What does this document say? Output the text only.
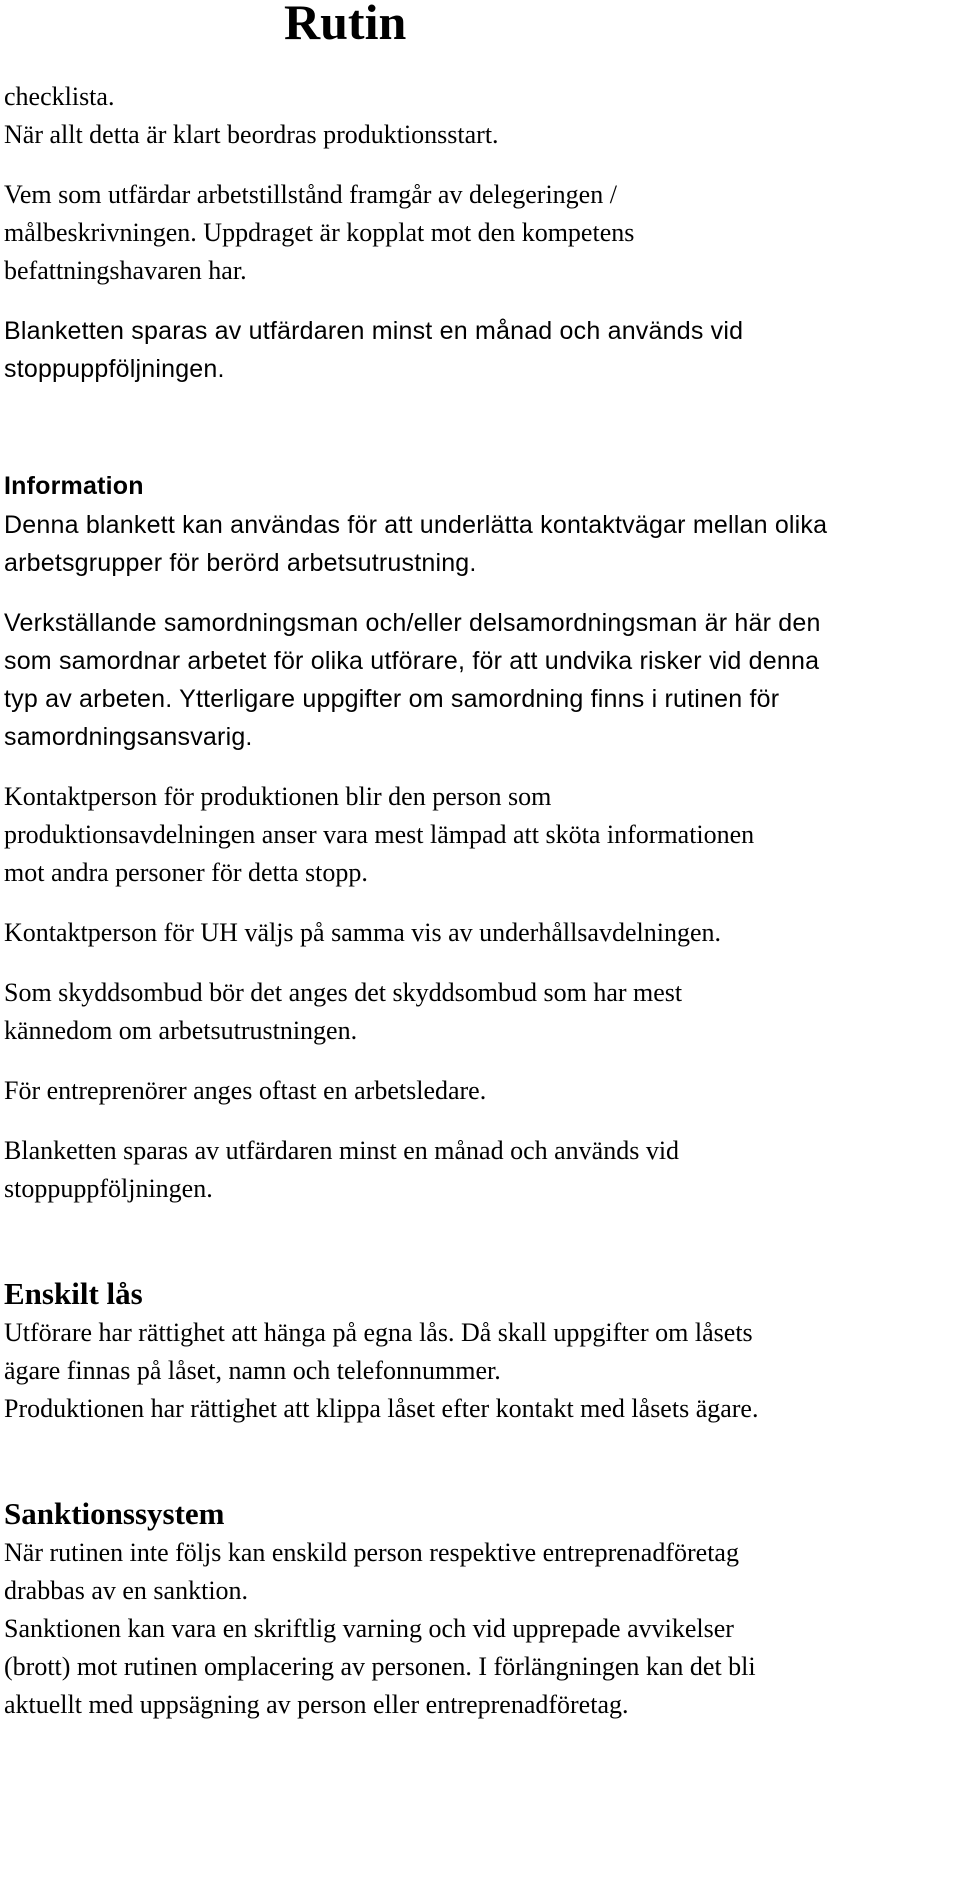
Rutin

checklista.
När allt detta är klart beordras produktionsstart.

Vem som utfärdar arbetstillstånd framgår av delegeringen /
målbeskrivningen. Uppdraget är kopplat mot den kompetens
befattningshavaren har.

Blanketten sparas av utfärdaren minst en månad och används vid
stoppuppföljningen.

Information

Denna blankett kan användas för att underlätta kontaktvägar mellan olika
arbetsgrupper för berörd arbetsutrustning.

Verkställande samordningsman och/eller delsamordningsman är här den
som samordnar arbetet för olika utförare, för att undvika risker vid denna
typ av arbeten. Ytterligare uppgifter om samordning finns i rutinen för
samordningsansvarig.

Kontaktperson för produktionen blir den person som
produktionsavdelningen anser vara mest lämpad att sköta informationen
mot andra personer för detta stopp.

Kontaktperson för UH väljs på samma vis av underhållsavdelningen.

Som skyddsombud bör det anges det skyddsombud som har mest
kännedom om arbetsutrustningen.

För entreprenörer anges oftast en arbetsledare.

Blanketten sparas av utfärdaren minst en månad och används vid
stoppuppföljningen.

Enskilt lås

Utförare har rättighet att hänga på egna lås. Då skall uppgifter om låsets
ägare finnas på låset, namn och telefonnummer.
Produktionen har rättighet att klippa låset efter kontakt med låsets ägare.

Sanktionssystem

När rutinen inte följs kan enskild person respektive entreprenadföretag
drabbas av en sanktion.
Sanktionen kan vara en skriftlig varning och vid upprepade avvikelser
(brott) mot rutinen omplacering av personen. I förlängningen kan det bli
aktuellt med uppsägning av person eller entreprenadföretag.
